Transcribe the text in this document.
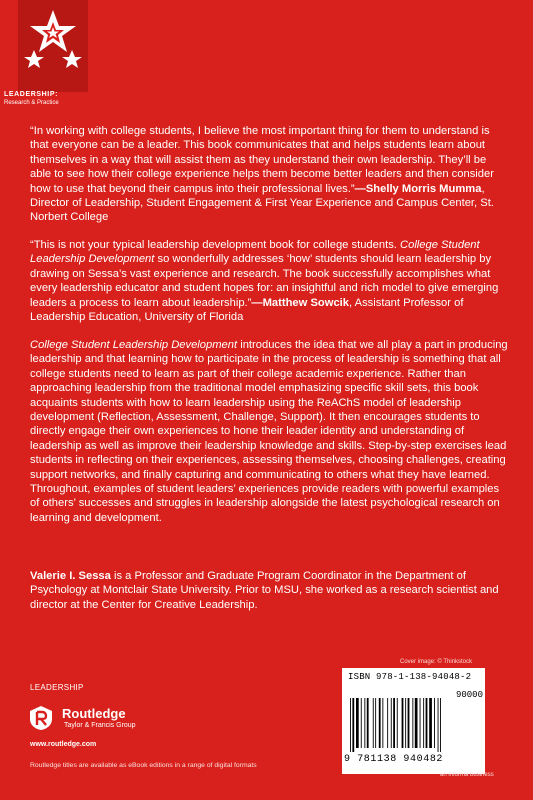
LEADERSHIP:
Research & Practice

“In working with college students, I believe the most important thing for them to understand is that everyone can be a leader. This book communicates that and helps students learn about themselves in a way that will assist them as they understand their own leadership. They’ll be able to see how their college experience helps them become better leaders and then consider how to use that beyond their campus into their professional lives.”—Shelly Morris Mumma, Director of Leadership, Student Engagement & First Year Experience and Campus Center, St. Norbert College

“This is not your typical leadership development book for college students. College Student Leadership Development so wonderfully addresses ‘how’ students should learn leadership by drawing on Sessa’s vast experience and research. The book successfully accomplishes what every leadership educator and student hopes for: an insightful and rich model to give emerging leaders a process to learn about leadership.”—Matthew Sowcik, Assistant Professor of Leadership Education, University of Florida

College Student Leadership Development introduces the idea that we all play a part in producing leadership and that learning how to participate in the process of leadership is something that all college students need to learn as part of their college academic experience. Rather than approaching leadership from the traditional model emphasizing specific skill sets, this book acquaints students with how to learn leadership using the ReAChS model of leadership development (Reflection, Assessment, Challenge, Support). It then encourages students to directly engage their own experiences to hone their leader identity and understanding of leadership as well as improve their leadership knowledge and skills. Step-by-step exercises lead students in reflecting on their experiences, assessing themselves, choosing challenges, creating support networks, and finally capturing and communicating to others what they have learned. Throughout, examples of student leaders’ experiences provide readers with powerful examples of others’ successes and struggles in leadership alongside the latest psychological research on learning and development.

Valerie I. Sessa is a Professor and Graduate Program Coordinator in the Department of Psychology at Montclair State University. Prior to MSU, she worked as a research scientist and director at the Center for Creative Leadership.

Cover image: © Thinkstock
ISBN 978-1-138-94048-2
90000
9 781138 940482
LEADERSHIP
Routledge
Taylor & Francis Group
www.routledge.com
Routledge titles are available as eBook editions in a range of digital formats
an informa business
